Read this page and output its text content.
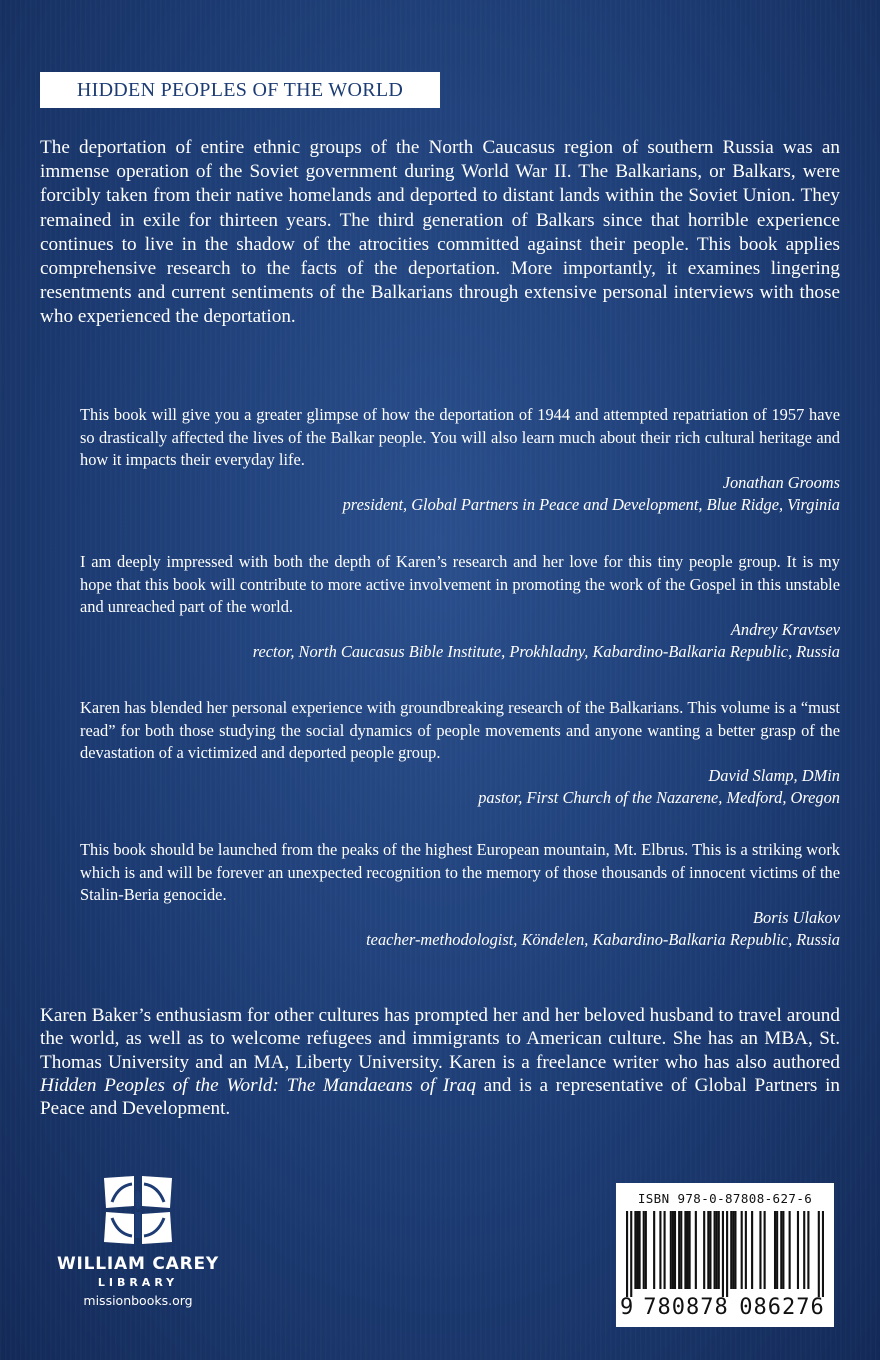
HIDDEN PEOPLES OF THE WORLD

The deportation of entire ethnic groups of the North Caucasus region of southern Russia was an immense operation of the Soviet government during World War II. The Balkarians, or Balkars, were forcibly taken from their native homelands and deported to distant lands within the Soviet Union. They remained in exile for thirteen years. The third generation of Balkars since that horrible experience continues to live in the shadow of the atrocities committed against their people. This book applies comprehensive research to the facts of the deportation. More importantly, it examines lingering resentments and current sentiments of the Balkarians through extensive personal interviews with those who experienced the deportation.

This book will give you a greater glimpse of how the deportation of 1944 and attempted repatriation of 1957 have so drastically affected the lives of the Balkar people. You will also learn much about their rich cultural heritage and how it impacts their everyday life.

Jonathan Grooms
president, Global Partners in Peace and Development, Blue Ridge, Virginia

I am deeply impressed with both the depth of Karen’s research and her love for this tiny people group. It is my hope that this book will contribute to more active involvement in promoting the work of the Gospel in this unstable and unreached part of the world.

Andrey Kravtsev
rector, North Caucasus Bible Institute, Prokhladny, Kabardino-Balkaria Republic, Russia

Karen has blended her personal experience with groundbreaking research of the Balkarians. This volume is a “must read” for both those studying the social dynamics of people movements and anyone wanting a better grasp of the devastation of a victimized and deported people group.

David Slamp, DMin
pastor, First Church of the Nazarene, Medford, Oregon

This book should be launched from the peaks of the highest European mountain, Mt. Elbrus. This is a striking work which is and will be forever an unexpected recognition to the memory of those thousands of innocent victims of the Stalin-Beria genocide.

Boris Ulakov
teacher-methodologist, Köndelen, Kabardino-Balkaria Republic, Russia

Karen Baker’s enthusiasm for other cultures has prompted her and her beloved husband to travel around the world, as well as to welcome refugees and immigrants to American culture. She has an MBA, St. Thomas University and an MA, Liberty University. Karen is a freelance writer who has also authored Hidden Peoples of the World: The Mandaeans of Iraq and is a representative of Global Partners in Peace and Development.

WILLIAM CAREY
LIBRARY
missionbooks.org
ISBN 978-0-87808-627-6
9 780878 086276
